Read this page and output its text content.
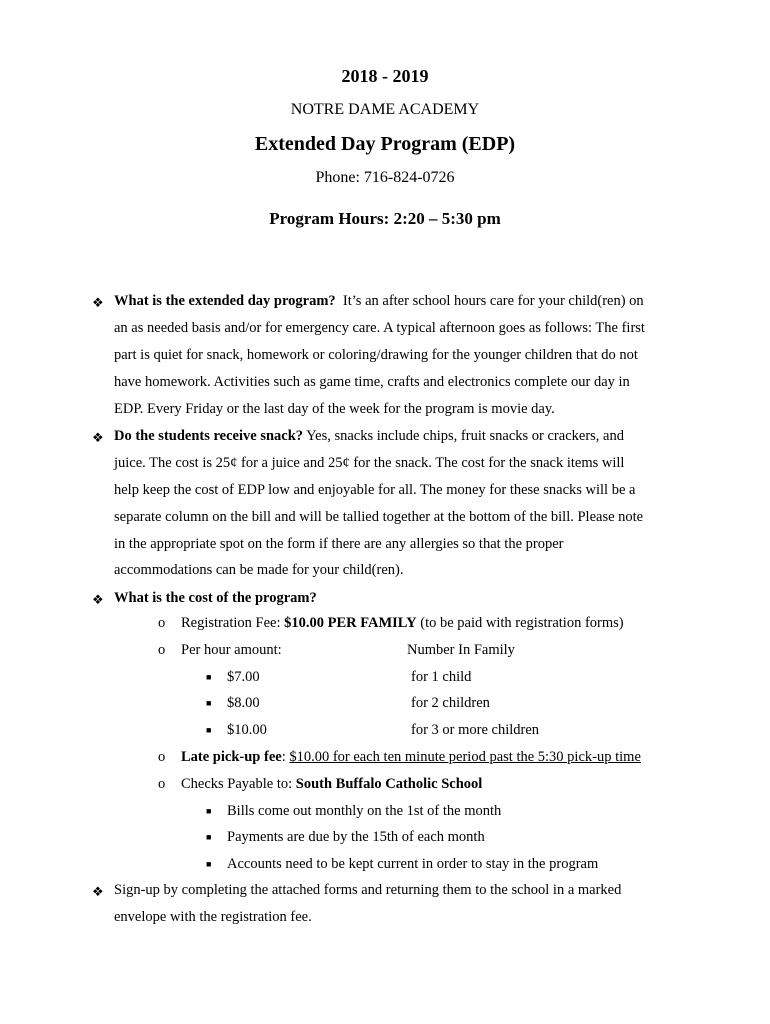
2018 - 2019
NOTRE DAME ACADEMY
Extended Day Program (EDP)
Phone: 716-824-0726
Program Hours: 2:20 – 5:30 pm
❖ What is the extended day program? It’s an after school hours care for your child(ren) on
an as needed basis and/or for emergency care. A typical afternoon goes as follows: The first
part is quiet for snack, homework or coloring/drawing for the younger children that do not
have homework. Activities such as game time, crafts and electronics complete our day in
EDP. Every Friday or the last day of the week for the program is movie day.
❖ Do the students receive snack? Yes, snacks include chips, fruit snacks or crackers, and
juice. The cost is 25¢ for a juice and 25¢ for the snack. The cost for the snack items will
help keep the cost of EDP low and enjoyable for all. The money for these snacks will be a
separate column on the bill and will be tallied together at the bottom of the bill. Please note
in the appropriate spot on the form if there are any allergies so that the proper
accommodations can be made for your child(ren).
❖ What is the cost of the program?
o Registration Fee: $10.00 PER FAMILY (to be paid with registration forms)
o Per hour amount:	Number In Family
■ $7.00	for 1 child
■ $8.00	for 2 children
■ $10.00	for 3 or more children
o Late pick-up fee: $10.00 for each ten minute period past the 5:30 pick-up time
o Checks Payable to: South Buffalo Catholic School
■ Bills come out monthly on the 1st of the month
■ Payments are due by the 15th of each month
■ Accounts need to be kept current in order to stay in the program
❖ Sign-up by completing the attached forms and returning them to the school in a marked
envelope with the registration fee.
